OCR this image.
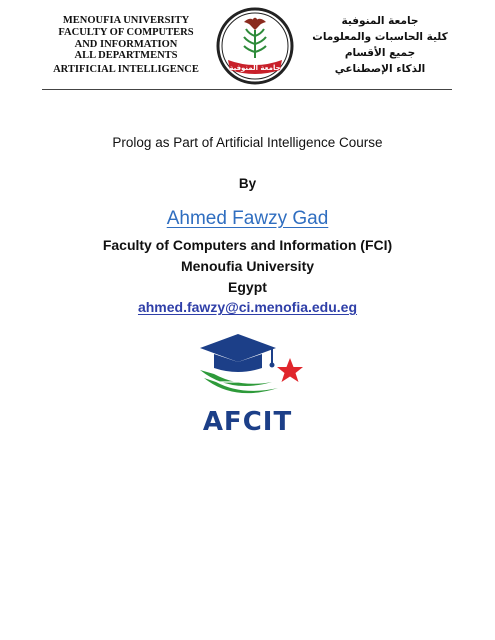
MENOUFIA UNIVERSITY
FACULTY OF COMPUTERS
AND INFORMATION
ALL DEPARTMENTS
ARTIFICIAL INTELLIGENCE	جامعة المنوفية
جامعة المنوفية
كلية الحاسبات والمعلومات
جميع الأقسام
الذكاء الإصطناعي
Prolog as Part of Artificial Intelligence Course
By
Ahmed Fawzy Gad
Faculty of Computers and Information (FCI)
Menoufia University
Egypt
ahmed.fawzy@ci.menofia.edu.eg
AFCIT
